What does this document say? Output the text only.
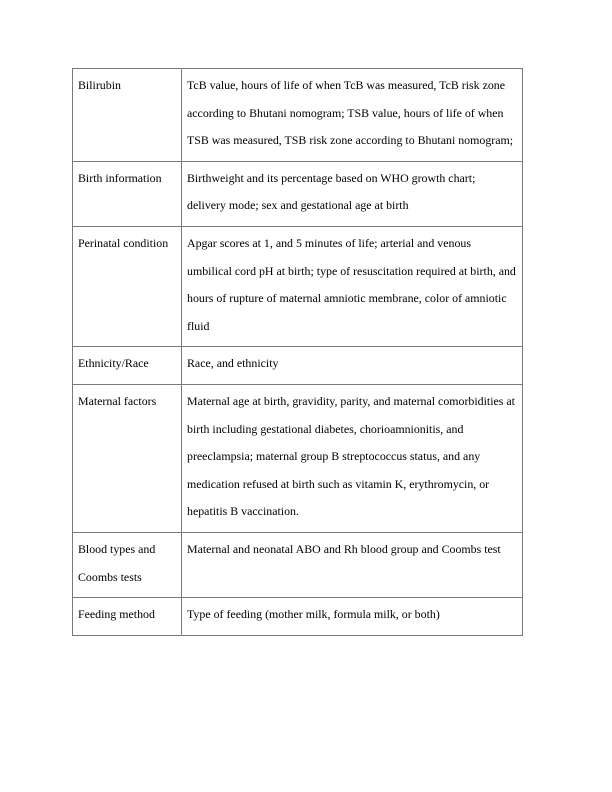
Bilirubin	TcB value, hours of life of when TcB was measured, TcB risk zone according to Bhutani nomogram; TSB value, hours of life of when TSB was measured, TSB risk zone according to Bhutani nomogram;

Birth information	Birthweight and its percentage based on WHO growth chart; delivery mode; sex and gestational age at birth

Perinatal condition	Apgar scores at 1, and 5 minutes of life; arterial and venous umbilical cord pH at birth; type of resuscitation required at birth, and hours of rupture of maternal amniotic membrane, color of amniotic fluid

Ethnicity/Race	Race, and ethnicity

Maternal factors	Maternal age at birth, gravidity, parity, and maternal comorbidities at birth including gestational diabetes, chorioamnionitis, and preeclampsia; maternal group B streptococcus status, and any medication refused at birth such as vitamin K, erythromycin, or hepatitis B vaccination.

Blood types and Coombs tests	Maternal and neonatal ABO and Rh blood group and Coombs test

Feeding method	Type of feeding (mother milk, formula milk, or both)
